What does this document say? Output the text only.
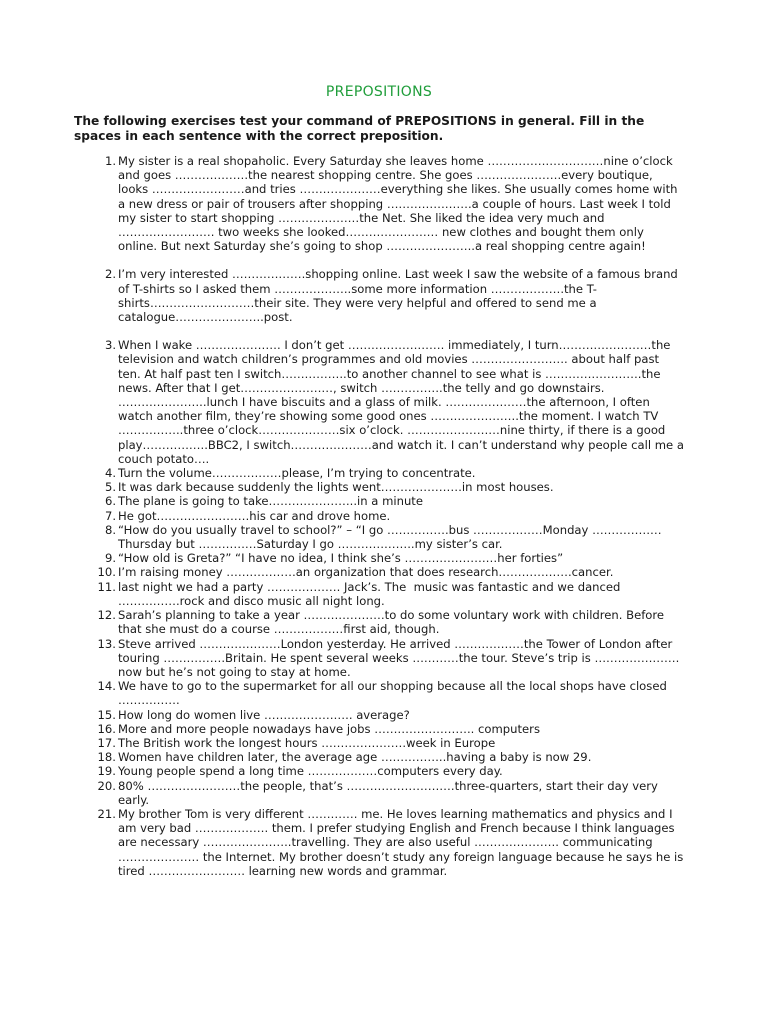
PREPOSITIONS

The following exercises test your command of PREPOSITIONS in general. Fill in the spaces in each sentence with the correct preposition.

1. My sister is a real shopaholic. Every Saturday she leaves home …………………………nine o’clock and goes ……………….the nearest shopping centre. She goes ………………….every boutique, looks ……………………and tries …………………everything she likes. She usually comes home with a new dress or pair of trousers after shopping ………………….a couple of hours. Last week I told my sister to start shopping …………………the Net. She liked the idea very much and ……………………. two weeks she looked…………………… new clothes and bought them only online. But next Saturday she’s going to shop …………………..a real shopping centre again!
2. I’m very interested ……………….shopping online. Last week I saw the website of a famous brand of T-shirts so I asked them ………………..some more information ……………….the T-shirts………………………their site. They were very helpful and offered to send me a catalogue…………………..post.
3. When I wake …………………. I don’t get ……………………. immediately, I turn……………………the television and watch children’s programmes and old movies ……………………. about half past ten. At half past ten I switch……………..to another channel to see what is …………………….the news. After that I get……………………, switch …………….the telly and go downstairs. …………………..lunch I have biscuits and a glass of milk. …………………the afternoon, I often watch another film, they’re showing some good ones …………………..the moment. I watch TV ……………..three o’clock…………………six o’clock. ……………………nine thirty, if there is a good play……………..BBC2, I switch…………………and watch it. I can’t understand why people call me a couch potato….
4. Turn the volume………………please, I’m trying to concentrate.
5. It was dark because suddenly the lights went…………………in most houses.
6. The plane is going to take…………………..in a minute
7. He got……………………his car and drove home.
8. “How do you usually travel to school?” – “I go …………….bus ………………Monday ………………Thursday but ……………Saturday I go ………………..my sister’s car.
9. “How old is Greta?” “I have no idea, I think she’s ……………………her forties”
10. I’m raising money ………………an organization that does research……………….cancer.
11. last night we had a party ………………. Jack’s. The  music was fantastic and we danced …………….rock and disco music all night long.
12. Sarah’s planning to take a year …………………to do some voluntary work with children. Before that she must do a course ………………first aid, though.
13. Steve arrived …………………London yesterday. He arrived ………………the Tower of London after touring …………….Britain. He spent several weeks …………the tour. Steve’s trip is …………………. now but he’s not going to stay at home.
14. We have to go to the supermarket for all our shopping because all the local shops have closed …………….
15. How long do women live ………………….. average?
16. More and more people nowadays have jobs …………………….. computers
17. The British work the longest hours ………………….week in Europe
18. Women have children later, the average age ……………..having a baby is now 29.
19. Young people spend a long time ………………computers every day.
20. 80% ……………………the people, that’s ……………………….three-quarters, start their day very early.
21. My brother Tom is very different …………. me. He loves learning mathematics and physics and I am very bad ………………. them. I prefer studying English and French because I think languages are necessary …………………..travelling. They are also useful …………………. communicating ………………… the Internet. My brother doesn’t study any foreign language because he says he is tired ……………………. learning new words and grammar.
